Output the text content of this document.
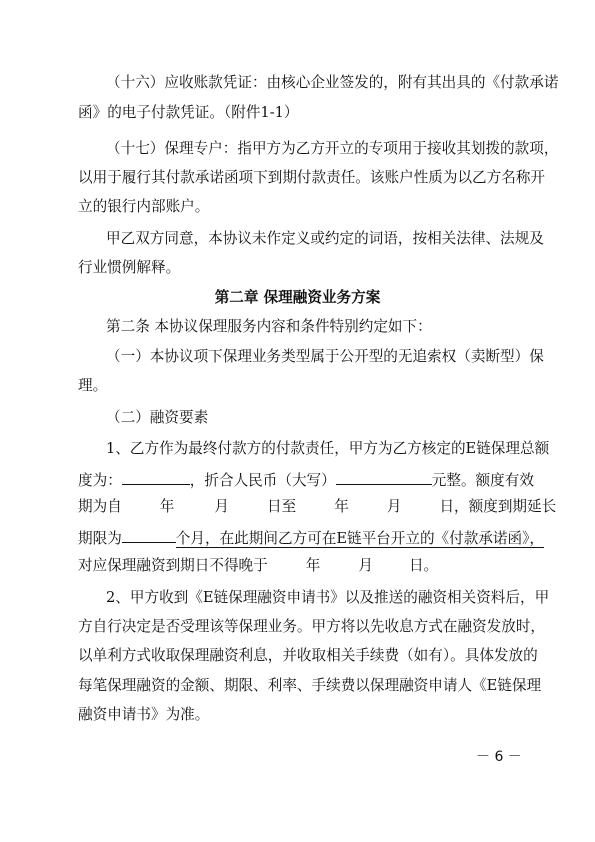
（十六）应收账款凭证：由核心企业签发的，附有其出具的《付款承诺
函》的电子付款凭证。（附件1-1）
（十七）保理专户：指甲方为乙方开立的专项用于接收其划拨的款项，
以用于履行其付款承诺函项下到期付款责任。该账户性质为以乙方名称开
立的银行内部账户。
甲乙双方同意，本协议未作定义或约定的词语，按相关法律、法规及
行业惯例解释。
第二章 保理融资业务方案
第二条 本协议保理服务内容和条件特别约定如下：
（一）本协议项下保理业务类型属于公开型的无追索权（卖断型）保
理。
（二）融资要素
1、乙方作为最终付款方的付款责任，甲方为乙方核定的E链保理总额
度为：	，折合人民币（大写）	元整。额度有效
期为自	年	月	日至	年	月	日，额度到期延长
期限为	个月，在此期间乙方可在E链平台开立的《付款承诺函》，
对应保理融资到期日不得晚于	年	月 日。
2、甲方收到《E链保理融资申请书》以及推送的融资相关资料后，甲
方自行决定是否受理该等保理业务。甲方将以先收息方式在融资发放时，
以单利方式收取保理融资利息，并收取相关手续费（如有）。具体发放的
每笔保理融资的金额、期限、利率、手续费以保理融资申请人《E链保理
融资申请书》为准。
－ 6 －
